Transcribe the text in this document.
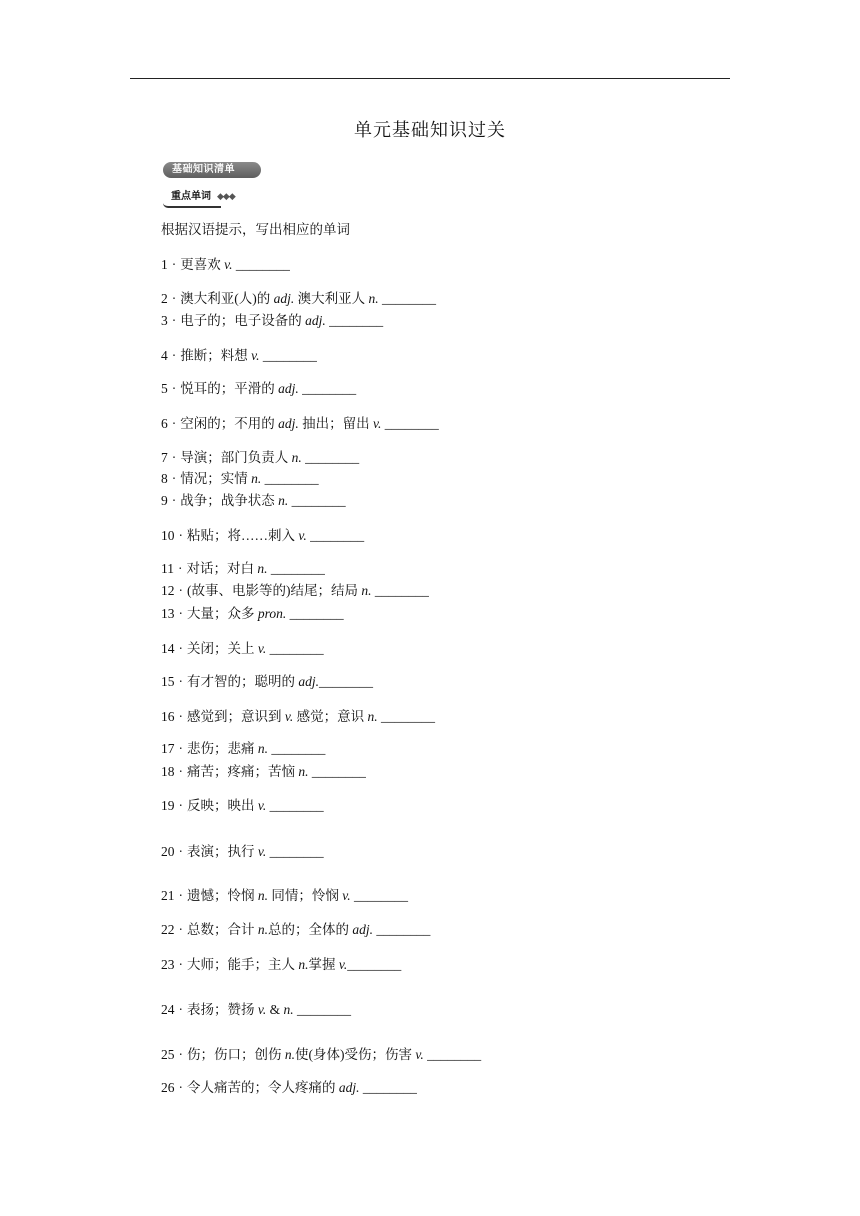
单元基础知识过关
基础知识清单
重点单词 ◆◆◆
根据汉语提示，写出相应的单词
1 · 更喜欢 v. ________
2 · 澳大利亚(人)的 adj. 澳大利亚人 n. ________
3 · 电子的；电子设备的 adj. ________
4 · 推断；料想 v. ________
5 · 悦耳的；平滑的 adj. ________
6 · 空闲的；不用的 adj. 抽出；留出 v. ________
7 · 导演；部门负责人 n. ________
8 · 情况；实情 n. ________
9 · 战争；战争状态 n. ________
10 · 粘贴；将……刺入 v. ________
11 · 对话；对白 n. ________
12 · (故事、电影等的)结尾；结局 n. ________
13 · 大量；众多 pron. ________
14 · 关闭；关上 v. ________
15 · 有才智的；聪明的 adj.________
16 · 感觉到；意识到 v. 感觉；意识 n. ________
17 · 悲伤；悲痛 n. ________
18 · 痛苦；疼痛；苦恼 n. ________
19 · 反映；映出 v. ________
20 · 表演；执行 v. ________
21 · 遗憾；怜悯 n. 同情；怜悯 v. ________
22 · 总数；合计 n.总的；全体的 adj. ________
23 · 大师；能手；主人 n.掌握 v.________
24 · 表扬；赞扬 v. & n. ________
25 · 伤；伤口；创伤 n.使(身体)受伤；伤害 v. ________
26 · 令人痛苦的；令人疼痛的 adj. ________
